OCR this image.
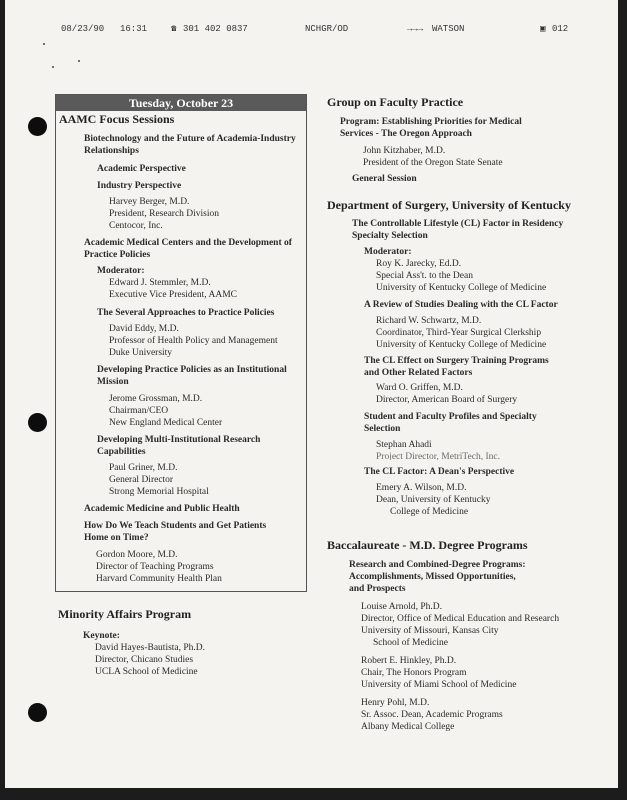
08/23/90 16:31	☎ 301 402 0837	NCHGR/OD	→→→ WATSON	▣ 012
Tuesday, October 23
AAMC Focus Sessions
Biotechnology and the Future of Academia-Industry Relationships
Academic Perspective
Industry Perspective
Harvey Berger, M.D.
President, Research Division
Centocor, Inc.
Academic Medical Centers and the Development of Practice Policies
Moderator:
Edward J. Stemmler, M.D.
Executive Vice President, AAMC
The Several Approaches to Practice Policies
David Eddy, M.D.
Professor of Health Policy and Management
Duke University
Developing Practice Policies as an Institutional Mission
Jerome Grossman, M.D.
Chairman/CEO
New England Medical Center
Developing Multi-Institutional Research Capabilities
Paul Griner, M.D.
General Director
Strong Memorial Hospital
Academic Medicine and Public Health
How Do We Teach Students and Get Patients Home on Time?
Gordon Moore, M.D.
Director of Teaching Programs
Harvard Community Health Plan
Minority Affairs Program
Keynote:
David Hayes-Bautista, Ph.D.
Director, Chicano Studies
UCLA School of Medicine
Group on Faculty Practice
Program: Establishing Priorities for Medical Services - The Oregon Approach
John Kitzhaber, M.D.
President of the Oregon State Senate
General Session
Department of Surgery, University of Kentucky
The Controllable Lifestyle (CL) Factor in Residency Specialty Selection
Moderator:
Roy K. Jarecky, Ed.D.
Special Ass't. to the Dean
University of Kentucky College of Medicine
A Review of Studies Dealing with the CL Factor
Richard W. Schwartz, M.D.
Coordinator, Third-Year Surgical Clerkship
University of Kentucky College of Medicine
The CL Effect on Surgery Training Programs
and Other Related Factors
Ward O. Griffen, M.D.
Director, American Board of Surgery
Student and Faculty Profiles and Specialty Selection
Stephan Ahadi
Project Director, MetriTech, Inc.
The CL Factor: A Dean's Perspective
Emery A. Wilson, M.D.
Dean, University of Kentucky
College of Medicine
Baccalaureate - M.D. Degree Programs
Research and Combined-Degree Programs:
Accomplishments, Missed Opportunities,
and Prospects
Louise Arnold, Ph.D.
Director, Office of Medical Education and Research
University of Missouri, Kansas City
School of Medicine
Robert E. Hinkley, Ph.D.
Chair, The Honors Program
University of Miami School of Medicine
Henry Pohl, M.D.
Sr. Assoc. Dean, Academic Programs
Albany Medical College
